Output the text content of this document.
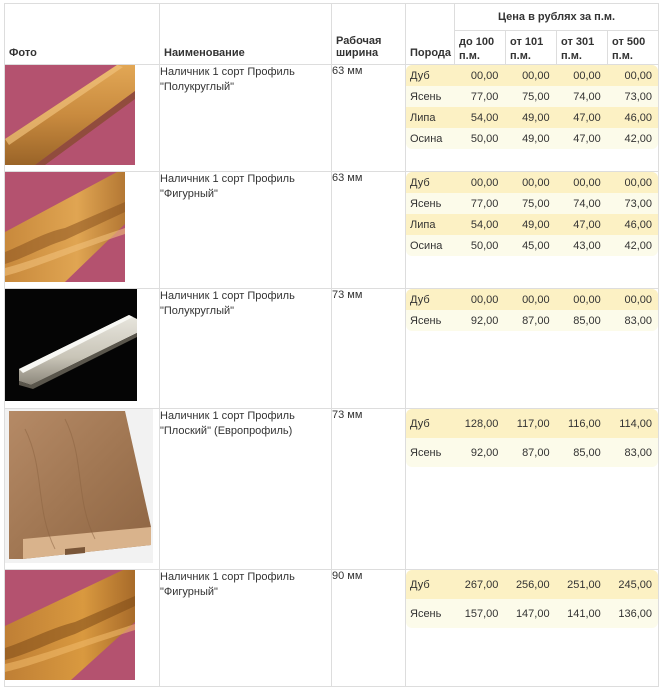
Фото	Наименование	Рабочая ширина	Порода	Цена в рублях за п.м.
до 100 п.м.	от 101 п.м.	от 301 п.м.	от 500 п.м.

	Наличник 1 сорт Профиль "Полукруглый"	63 мм		Дуб	00,00	00,00	00,00	00,00
Ясень	77,00	75,00	74,00	73,00
Липа	54,00	49,00	47,00	46,00
Осина	50,00	49,00	47,00	42,00

	Наличник 1 сорт Профиль "Фигурный"	63 мм		Дуб	00,00	00,00	00,00	00,00
Ясень	77,00	75,00	74,00	73,00
Липа	54,00	49,00	47,00	46,00
Осина	50,00	45,00	43,00	42,00

	Наличник 1 сорт Профиль "Полукруглый"	73 мм		Дуб	00,00	00,00	00,00	00,00
Ясень	92,00	87,00	85,00	83,00

	Наличник 1 сорт Профиль "Плоский" (Европрофиль)	73 мм	
Дуб	128,00	117,00	116,00	114,00
Ясень	92,00	87,00	85,00	83,00

	Наличник 1 сорт Профиль "Фигурный"	90 мм	
Дуб	267,00	256,00	251,00	245,00
Ясень	157,00	147,00	141,00	136,00
